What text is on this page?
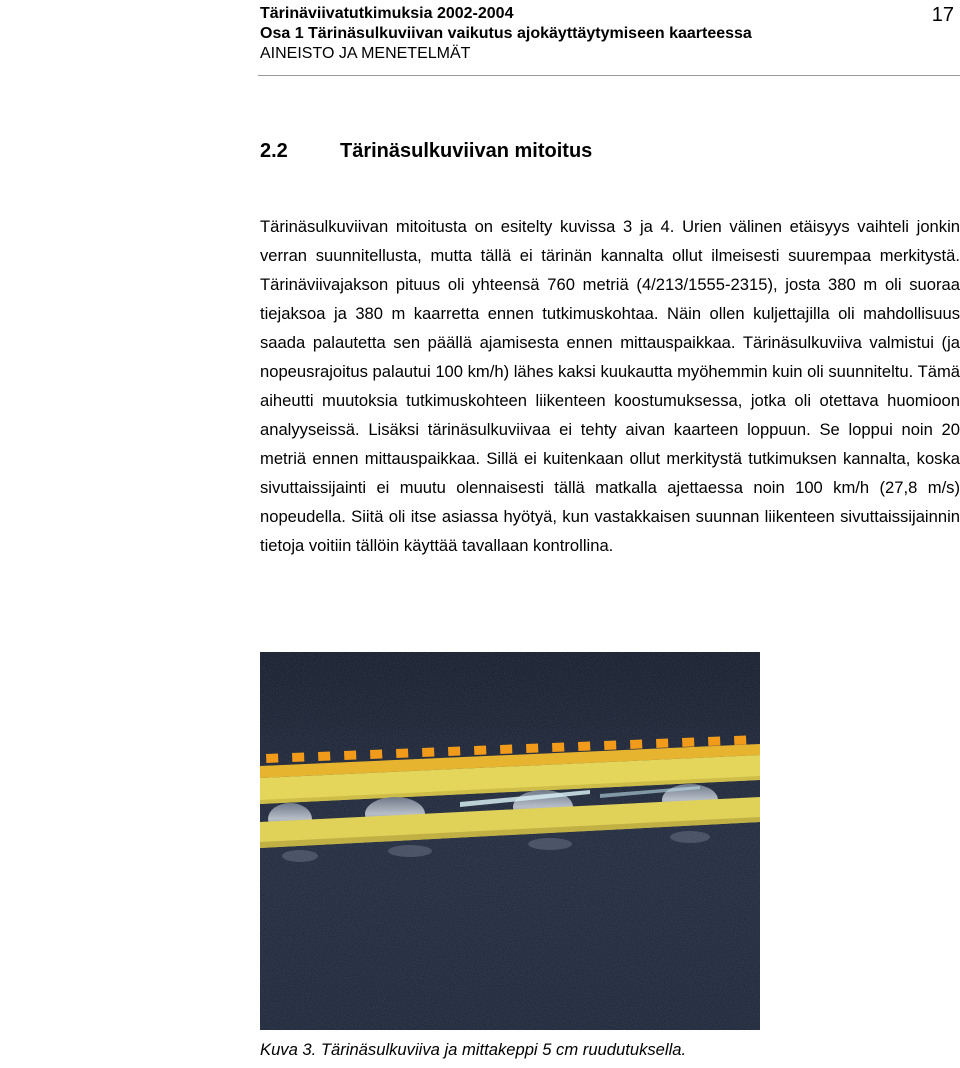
Tärinäviivatutkimuksia 2002-2004
Osa 1 Tärinäsulkuviivan vaikutus ajokäyttäytymiseen kaarteessa
AINEISTO JA MENETELMÄT
17
2.2	Tärinäsulkuviivan mitoitus
Tärinäsulkuviivan mitoitusta on esitelty kuvissa 3 ja 4. Urien välinen etäisyys vaihteli jonkin verran suunnitellusta, mutta tällä ei tärinän kannalta ollut ilmeisesti suurempaa merkitystä. Tärinäviivajakson pituus oli yhteensä 760 metriä (4/213/1555-2315), josta 380 m oli suoraa tiejaksoa ja 380 m kaarretta ennen tutkimuskohtaa. Näin ollen kuljettajilla oli mahdollisuus saada palautetta sen päällä ajamisesta ennen mittauspaikkaa. Tärinäsulkuviiva valmistui (ja nopeusrajoitus palautui 100 km/h) lähes kaksi kuukautta myöhemmin kuin oli suunniteltu. Tämä aiheutti muutoksia tutkimuskohteen liikenteen koostumuksessa, jotka oli otettava huomioon analyyseissä. Lisäksi tärinäsulkuviivaa ei tehty aivan kaarteen loppuun. Se loppui noin 20 metriä ennen mittauspaikkaa. Sillä ei kuitenkaan ollut merkitystä tutkimuksen kannalta, koska sivuttaissijainti ei muutu olennaisesti tällä matkalla ajettaessa noin 100 km/h (27,8 m/s) nopeudella. Siitä oli itse asiassa hyötyä, kun vastakkaisen suunnan liikenteen sivuttaissijainnin tietoja voitiin tällöin käyttää tavallaan kontrollina.
Kuva 3. Tärinäsulkuviiva ja mittakeppi 5 cm ruudutuksella.
